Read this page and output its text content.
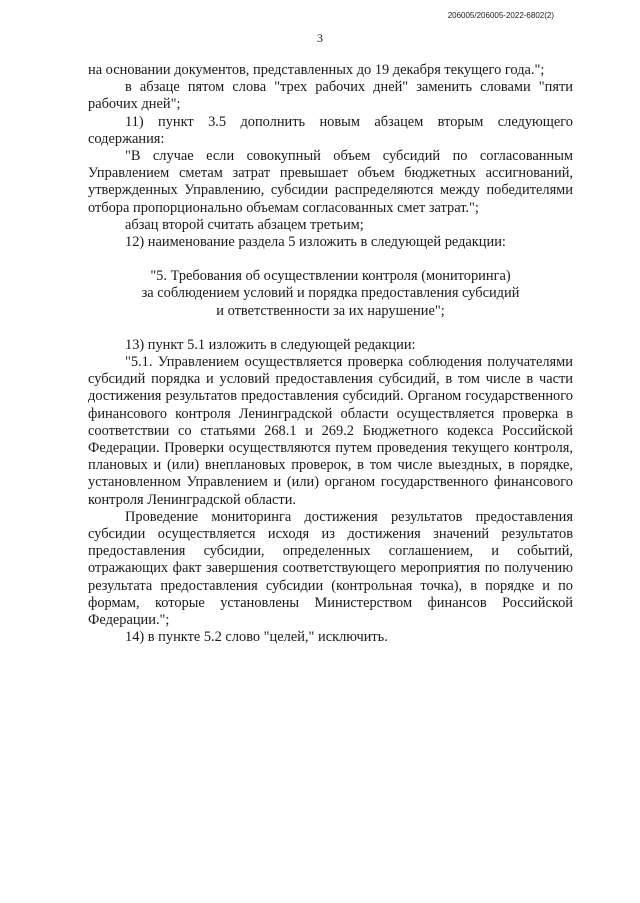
206005/206005-2022-6802(2)
3

на основании документов, представленных до 19 декабря текущего года.";

в абзаце пятом слова "трех рабочих дней" заменить словами "пяти рабочих дней";

11) пункт 3.5 дополнить новым абзацем вторым следующего содержания:

"В случае если совокупный объем субсидий по согласованным Управлением сметам затрат превышает объем бюджетных ассигнований, утвержденных Управлению, субсидии распределяются между победителями отбора пропорционально объемам согласованных смет затрат.";

абзац второй считать абзацем третьим;

12) наименование раздела 5 изложить в следующей редакции:

"5. Требования об осуществлении контроля (мониторинга)
за соблюдением условий и порядка предоставления субсидий
и ответственности за их нарушение";

13) пункт 5.1 изложить в следующей редакции:

"5.1. Управлением осуществляется проверка соблюдения получателями субсидий порядка и условий предоставления субсидий, в том числе в части достижения результатов предоставления субсидий. Органом государственного финансового контроля Ленинградской области осуществляется проверка в соответствии со статьями 268.1 и 269.2 Бюджетного кодекса Российской Федерации. Проверки осуществляются путем проведения текущего контроля, плановых и (или) внеплановых проверок, в том числе выездных, в порядке, установленном Управлением и (или) органом государственного финансового контроля Ленинградской области.

Проведение мониторинга достижения результатов предоставления субсидии осуществляется исходя из достижения значений результатов предоставления субсидии, определенных соглашением, и событий, отражающих факт завершения соответствующего мероприятия по получению результата предоставления субсидии (контрольная точка), в порядке и по формам, которые установлены Министерством финансов Российской Федерации.";

14) в пункте 5.2 слово "целей," исключить.
